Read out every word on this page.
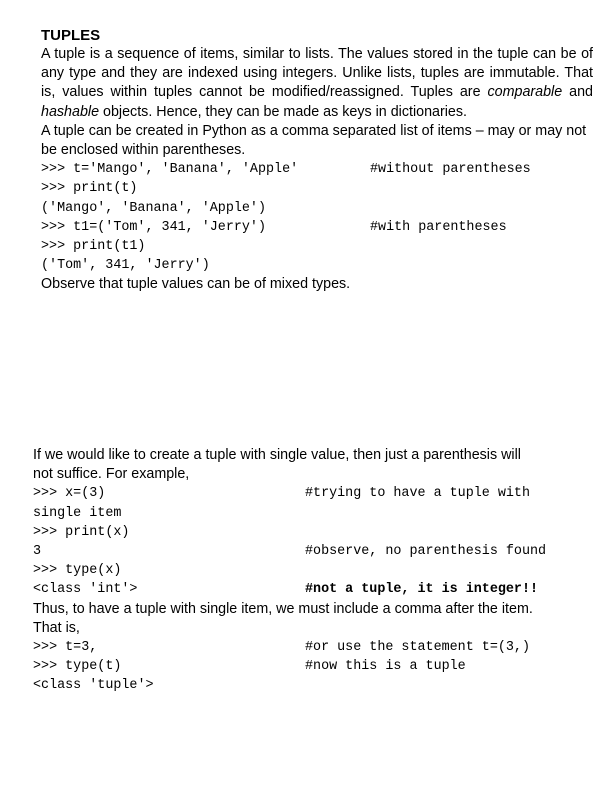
TUPLES
A tuple is a sequence of items, similar to lists. The values stored in the tuple can be of any type and they are indexed using integers. Unlike lists, tuples are immutable. That is, values within tuples cannot be modified/reassigned. Tuples are comparable and hashable objects. Hence, they can be made as keys in dictionaries.
A tuple can be created in Python as a comma separated list of items – may or may not be enclosed within parentheses.
>>> t='Mango', 'Banana', 'Apple'	#without parentheses
>>> print(t)
('Mango', 'Banana', 'Apple')
>>> t1=('Tom', 341, 'Jerry')	#with parentheses
>>> print(t1)
('Tom', 341, 'Jerry')
Observe that tuple values can be of mixed types.
If we would like to create a tuple with single value, then just a parenthesis will
not suffice. For example,
>>> x=(3)	#trying to have a tuple with
single item
>>> print(x)
3	#observe, no parenthesis found
>>> type(x)
<class 'int'>	#not a tuple, it is integer!!
Thus, to have a tuple with single item, we must include a comma after the item.
That is,
>>> t=3,	#or use the statement t=(3,)
>>> type(t)	#now this is a tuple
<class 'tuple'>
